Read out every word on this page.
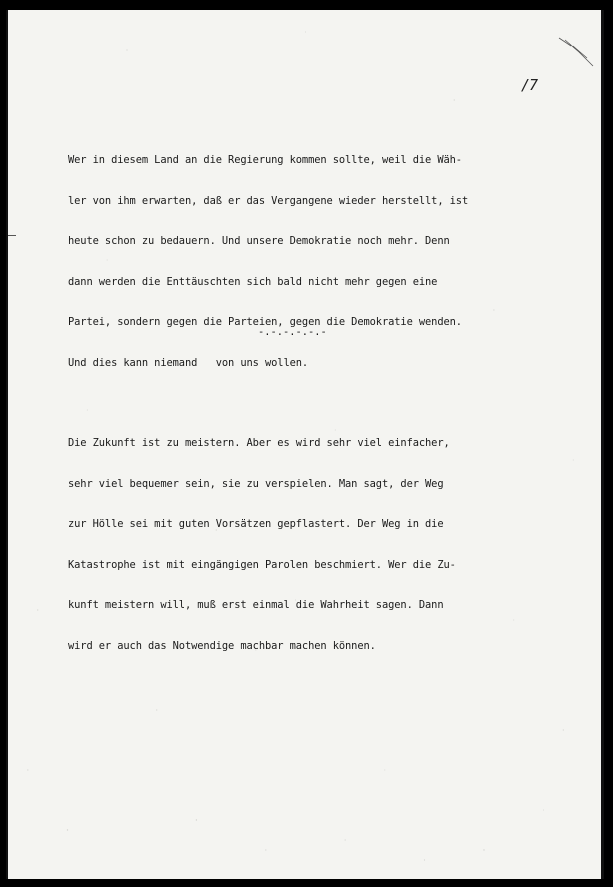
/7

Wer in diesem Land an die Regierung kommen sollte, weil die Wäh-

ler von ihm erwarten, daß er das Vergangene wieder herstellt, ist

heute schon zu bedauern. Und unsere Demokratie noch mehr. Denn

dann werden die Enttäuschten sich bald nicht mehr gegen eine

Partei, sondern gegen die Parteien, gegen die Demokratie wenden.

Und dies kann niemand   von uns wollen.

Die Zukunft ist zu meistern. Aber es wird sehr viel einfacher,

sehr viel bequemer sein, sie zu verspielen. Man sagt, der Weg

zur Hölle sei mit guten Vorsätzen gepflastert. Der Weg in die

Katastrophe ist mit eingängigen Parolen beschmiert. Wer die Zu-

kunft meistern will, muß erst einmal die Wahrheit sagen. Dann

wird er auch das Notwendige machbar machen können.

-.-.-.-.-.-
